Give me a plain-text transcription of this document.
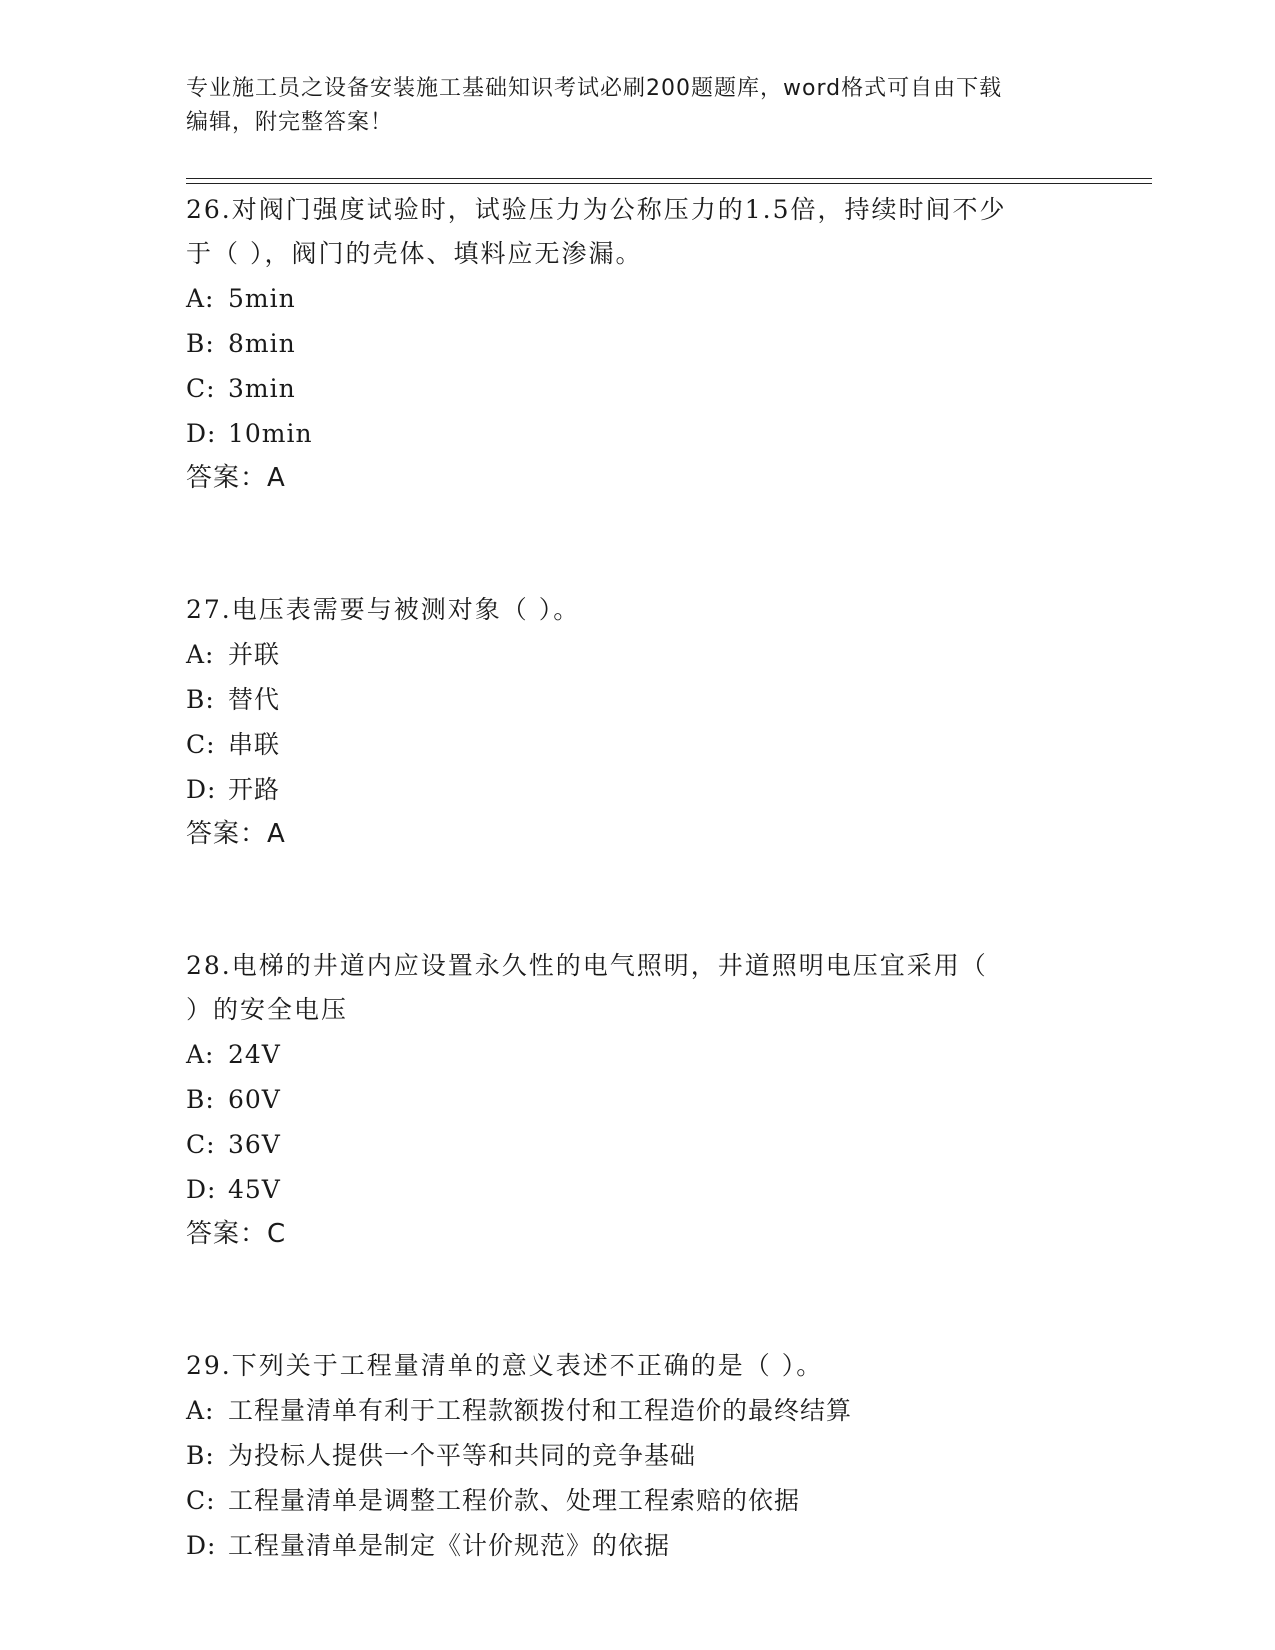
专业施工员之设备安装施工基础知识考试必刷200题题库，word格式可自由下载
编辑，附完整答案！

26.对阀门强度试验时，试验压力为公称压力的1.5倍，持续时间不少

于（ ），阀门的壳体、填料应无渗漏。

A: 5min

B: 8min

C: 3min

D: 10min

答案：A

27.电压表需要与被测对象（ ）。

A: 并联

B: 替代

C: 串联

D: 开路

答案：A

28.电梯的井道内应设置永久性的电气照明，井道照明电压宜采用（

）的安全电压

A: 24V

B: 60V

C: 36V

D: 45V

答案：C

29.下列关于工程量清单的意义表述不正确的是（ ）。

A: 工程量清单有利于工程款额拨付和工程造价的最终结算

B: 为投标人提供一个平等和共同的竞争基础

C: 工程量清单是调整工程价款、处理工程索赔的依据

D: 工程量清单是制定《计价规范》的依据
